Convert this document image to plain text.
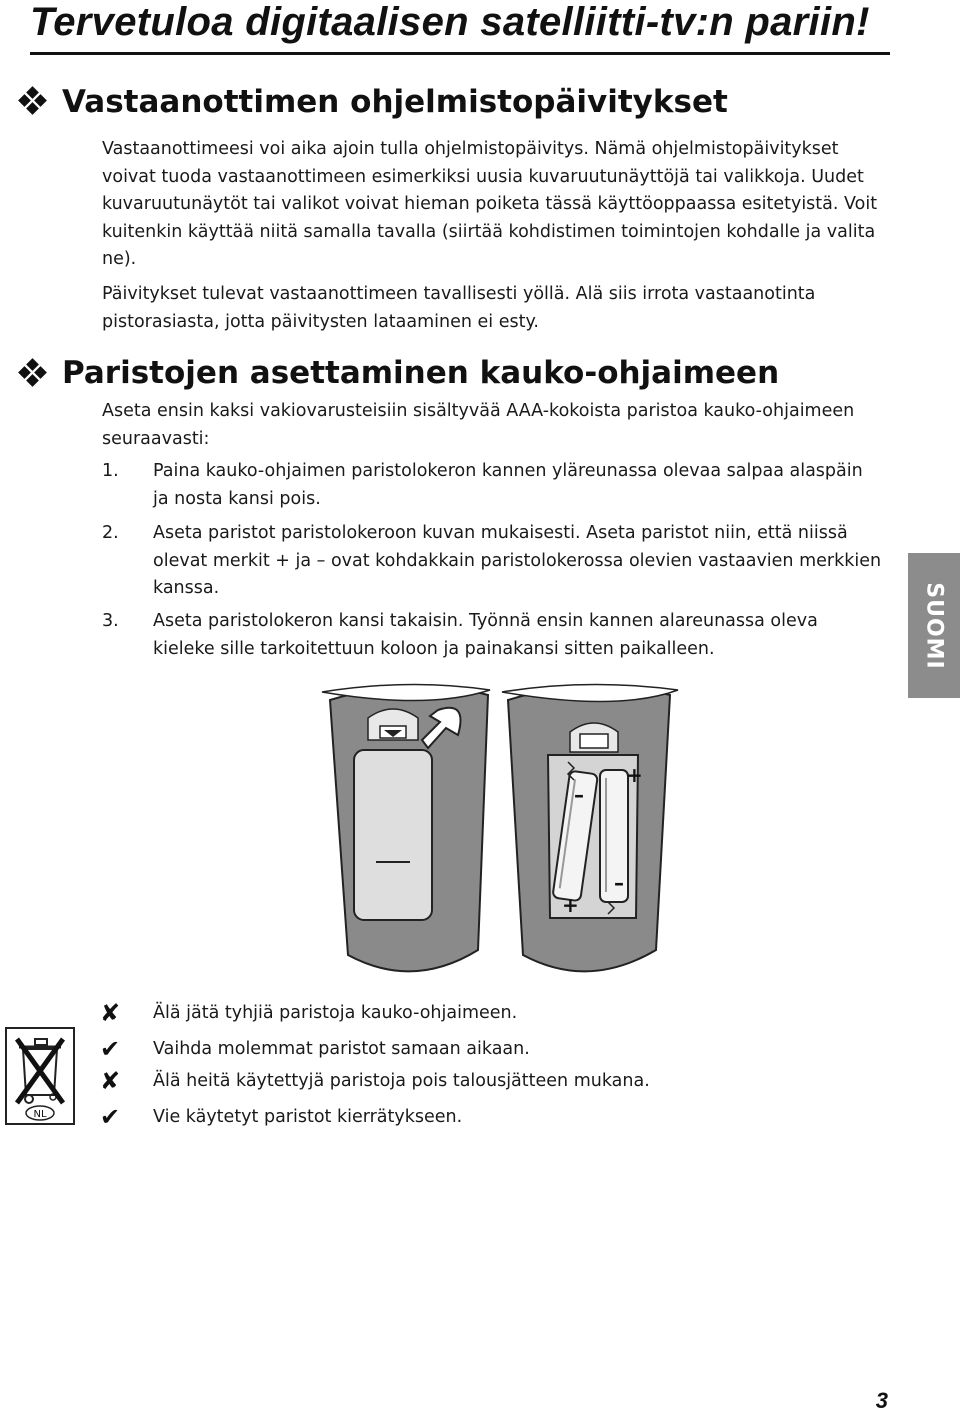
Tervetuloa digitaalisen satelliitti-tv:n pariin!
Vastaanottimen ohjelmistopäivitykset

Vastaanottimeesi voi aika ajoin tulla ohjelmistopäivitys. Nämä ohjelmistopäivitykset voivat tuoda vastaanottimeen esimerkiksi uusia kuvaruutunäyttöjä tai valikkoja. Uudet kuvaruutunäytöt tai valikot voivat hieman poiketa tässä käyttöoppaassa esitetyistä. Voit kuitenkin käyttää niitä samalla tavalla (siirtää kohdistimen toimintojen kohdalle ja valita ne).

Päivitykset tulevat vastaanottimeen tavallisesti yöllä. Alä siis irrota vastaanotinta pistorasiasta, jotta päivitysten lataaminen ei esty.

Paristojen asettaminen kauko-ohjaimeen

Aseta ensin kaksi vakiovarusteisiin sisältyvää AAA-kokoista paristoa kauko-ohjaimeen seuraavasti:

1. Paina kauko-ohjaimen paristolokeron kannen yläreunassa olevaa salpaa alaspäin ja nosta kansi pois.

2. Aseta paristot paristolokeroon kuvan mukaisesti. Aseta paristot niin, että niissä olevat merkit + ja – ovat kohdakkain paristolokerossa olevien vastaavien merkkien kanssa.

3. Aseta paristolokeron kansi takaisin. Työnnä ensin kannen alareunassa oleva kieleke sille tarkoitettuun koloon ja painakansi sitten paikalleen.	SUOMI
+
–
–
+
✘ Älä jätä tyhjiä paristoja kauko-ohjaimeen.
✔ Vaihda molemmat paristot samaan aikaan.
✘ Älä heitä käytettyjä paristoja pois talousjätteen mukana.
✔ Vie käytetyt paristot kierrätykseen.
NL
3
